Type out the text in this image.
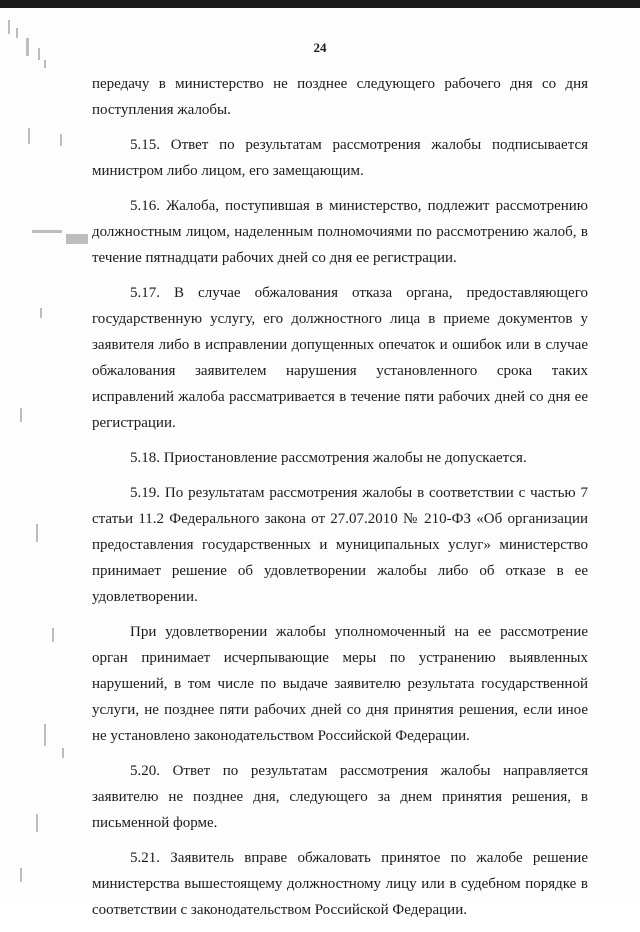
24

передачу в министерство не позднее следующего рабочего дня со дня поступления жалобы.

5.15. Ответ по результатам рассмотрения жалобы подписывается министром либо лицом, его замещающим.

5.16. Жалоба, поступившая в министерство, подлежит рассмотрению должностным лицом, наделенным полномочиями по рассмотрению жалоб, в течение пятнадцати рабочих дней со дня ее регистрации.

5.17. В случае обжалования отказа органа, предоставляющего государственную услугу, его должностного лица в приеме документов у заявителя либо в исправлении допущенных опечаток и ошибок или в случае обжалования заявителем нарушения установленного срока таких исправлений жалоба рассматривается в течение пяти рабочих дней со дня ее регистрации.

5.18. Приостановление рассмотрения жалобы не допускается.

5.19. По результатам рассмотрения жалобы в соответствии с частью 7 статьи 11.2 Федерального закона от 27.07.2010 № 210-ФЗ «Об организации предоставления государственных и муниципальных услуг» министерство принимает решение об удовлетворении жалобы либо об отказе в ее удовлетворении.

При удовлетворении жалобы уполномоченный на ее рассмотрение орган принимает исчерпывающие меры по устранению выявленных нарушений, в том числе по выдаче заявителю результата государственной услуги, не позднее пяти рабочих дней со дня принятия решения, если иное не установлено законодательством Российской Федерации.

5.20. Ответ по результатам рассмотрения жалобы направляется заявителю не позднее дня, следующего за днем принятия решения, в письменной форме.

5.21. Заявитель вправе обжаловать принятое по жалобе решение министерства вышестоящему должностному лицу или в судебном порядке в соответствии с законодательством Российской Федерации.
